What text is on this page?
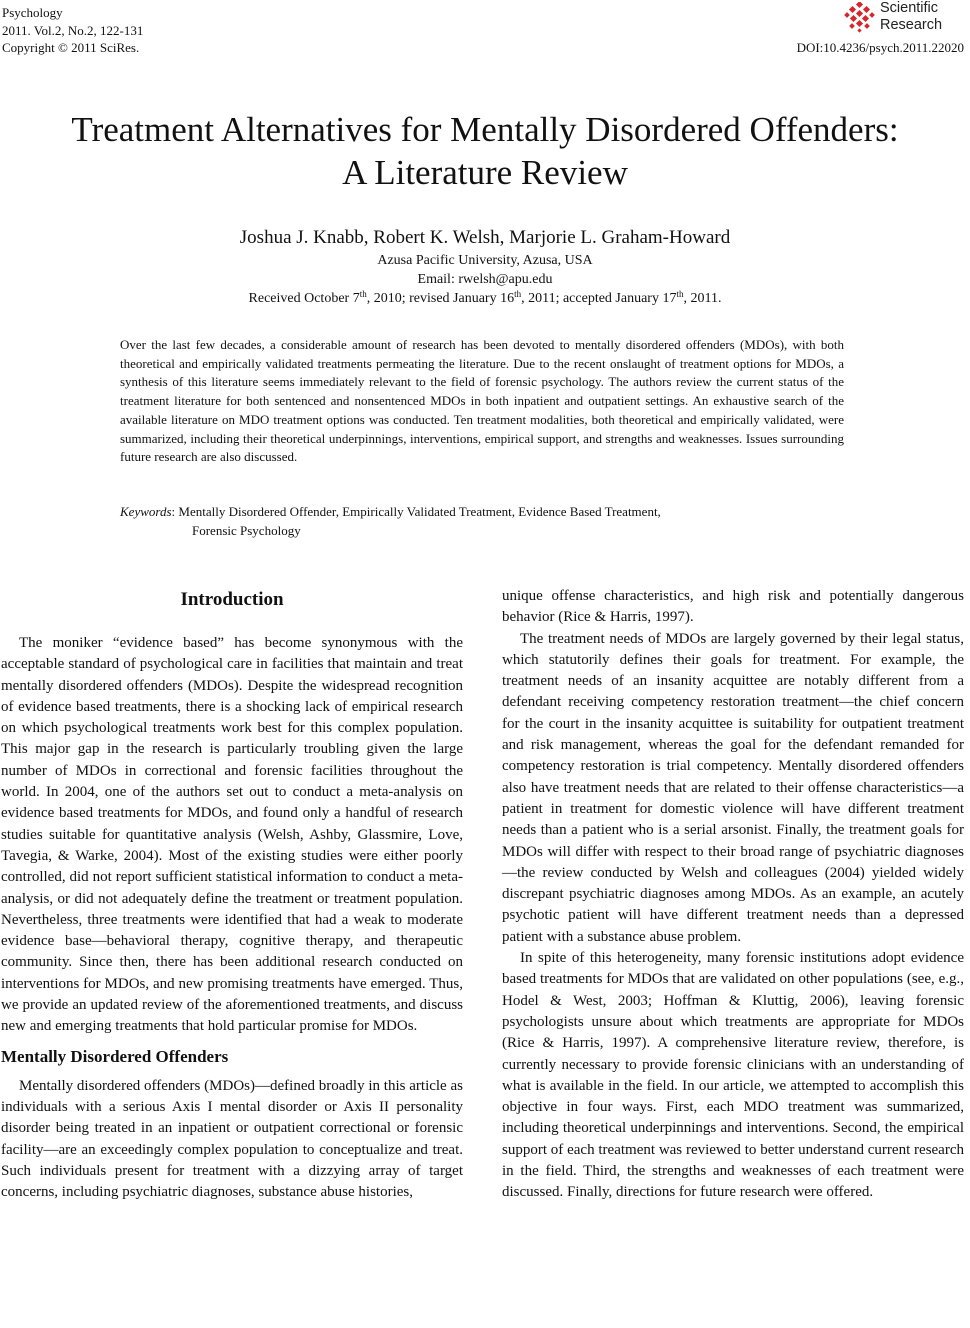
Psychology
2011. Vol.2, No.2, 122-131
Copyright © 2011 SciRes.
Scientific
Research
DOI:10.4236/psych.2011.22020
Treatment Alternatives for Mentally Disordered Offenders:
A Literature Review
Joshua J. Knabb, Robert K. Welsh, Marjorie L. Graham-Howard
Azusa Pacific University, Azusa, USA
Email: rwelsh@apu.edu
Received October 7th, 2010; revised January 16th, 2011; accepted January 17th, 2011.

Over the last few decades, a considerable amount of research has been devoted to mentally disordered offenders (MDOs), with both theoretical and empirically validated treatments permeating the literature. Due to the recent onslaught of treatment options for MDOs, a synthesis of this literature seems immediately relevant to the field of forensic psychology. The authors review the current status of the treatment literature for both sentenced and nonsentenced MDOs in both inpatient and outpatient settings. An exhaustive search of the available literature on MDO treatment options was conducted. Ten treatment modalities, both theoretical and empirically validated, were summarized, including their theoretical underpinnings, interventions, empirical support, and strengths and weaknesses. Issues surrounding future research are also discussed.

Keywords: Mentally Disordered Offender, Empirically Validated Treatment, Evidence Based Treatment,
Forensic Psychology
Introduction

The moniker “evidence based” has become synonymous with the acceptable standard of psychological care in facilities that maintain and treat mentally disordered offenders (MDOs). Despite the widespread recognition of evidence based treatments, there is a shocking lack of empirical research on which psychological treatments work best for this complex population. This major gap in the research is particularly troubling given the large number of MDOs in correctional and forensic facilities throughout the world. In 2004, one of the authors set out to conduct a meta-analysis on evidence based treatments for MDOs, and found only a handful of research studies suitable for quantitative analysis (Welsh, Ashby, Glassmire, Love, Tavegia, & Warke, 2004). Most of the existing studies were either poorly controlled, did not report sufficient statistical information to conduct a meta-analysis, or did not adequately define the treatment or treatment population. Nevertheless, three treatments were identified that had a weak to moderate evidence base—behavioral therapy, cognitive therapy, and therapeutic community. Since then, there has been additional research conducted on interventions for MDOs, and new promising treatments have emerged. Thus, we provide an updated review of the aforementioned treatments, and discuss new and emerging treatments that hold particular promise for MDOs.

Mentally Disordered Offenders

Mentally disordered offenders (MDOs)—defined broadly in this article as individuals with a serious Axis I mental disorder or Axis II personality disorder being treated in an inpatient or outpatient correctional or forensic facility—are an exceedingly complex population to conceptualize and treat. Such individuals present for treatment with a dizzying array of target concerns, including psychiatric diagnoses, substance abuse histories,

unique offense characteristics, and high risk and potentially dangerous behavior (Rice & Harris, 1997).

The treatment needs of MDOs are largely governed by their legal status, which statutorily defines their goals for treatment. For example, the treatment needs of an insanity acquittee are notably different from a defendant receiving competency restoration treatment—the chief concern for the court in the insanity acquittee is suitability for outpatient treatment and risk management, whereas the goal for the defendant remanded for competency restoration is trial competency. Mentally disordered offenders also have treatment needs that are related to their offense characteristics—a patient in treatment for domestic violence will have different treatment needs than a patient who is a serial arsonist. Finally, the treatment goals for MDOs will differ with respect to their broad range of psychiatric diagnoses—the review conducted by Welsh and colleagues (2004) yielded widely discrepant psychiatric diagnoses among MDOs. As an example, an acutely psychotic patient will have different treatment needs than a depressed patient with a substance abuse problem.

In spite of this heterogeneity, many forensic institutions adopt evidence based treatments for MDOs that are validated on other populations (see, e.g., Hodel & West, 2003; Hoffman & Kluttig, 2006), leaving forensic psychologists unsure about which treatments are appropriate for MDOs (Rice & Harris, 1997). A comprehensive literature review, therefore, is currently necessary to provide forensic clinicians with an understanding of what is available in the field. In our article, we attempted to accomplish this objective in four ways. First, each MDO treatment was summarized, including theoretical underpinnings and interventions. Second, the empirical support of each treatment was reviewed to better understand current research in the field. Third, the strengths and weaknesses of each treatment were discussed. Finally, directions for future research were offered.
